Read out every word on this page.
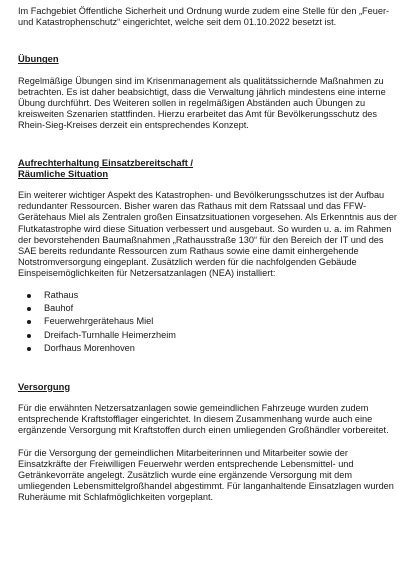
Im Fachgebiet Öffentliche Sicherheit und Ordnung wurde zudem eine Stelle für den „Feuer- und Katastrophenschutz“ eingerichtet, welche seit dem 01.10.2022 besetzt ist.

Übungen

Regelmäßige Übungen sind im Krisenmanagement als qualitätssichernde Maßnahmen zu betrachten. Es ist daher beabsichtigt, dass die Verwaltung jährlich mindestens eine interne Übung durchführt. Des Weiteren sollen in regelmäßigen Abständen auch Übungen zu kreisweiten Szenarien stattfinden. Hierzu erarbeitet das Amt für Bevölkerungsschutz des Rhein-Sieg-Kreises derzeit ein entsprechendes Konzept.

Aufrechterhaltung Einsatzbereitschaft /
Räumliche Situation

Ein weiterer wichtiger Aspekt des Katastrophen- und Bevölkerungsschutzes ist der Aufbau redundanter Ressourcen. Bisher waren das Rathaus mit dem Ratssaal und das FFW-Gerätehaus Miel als Zentralen großen Einsatzsituationen vorgesehen. Als Erkenntnis aus der Flutkatastrophe wird diese Situation verbessert und ausgebaut. So wurden u. a. im Rahmen der bevorstehenden Baumaßnahmen „Rathausstraße 130“ für den Bereich der IT und des SAE bereits redundante Ressourcen zum Rathaus sowie eine damit einhergehende Notstromversorgung eingeplant. Zusätzlich werden für die nachfolgenden Gebäude Einspeisemöglichkeiten für Netzersatzanlagen (NEA) installiert:

Rathaus
Bauhof
Feuerwehrgerätehaus Miel
Dreifach-Turnhalle Heimerzheim
Dorfhaus Morenhoven
Versorgung

Für die erwähnten Netzersatzanlagen sowie gemeindlichen Fahrzeuge wurden zudem entsprechende Kraftstofflager eingerichtet. In diesem Zusammenhang wurde auch eine ergänzende Versorgung mit Kraftstoffen durch einen umliegenden Großhändler vorbereitet.

Für die Versorgung der gemeindlichen Mitarbeiterinnen und Mitarbeiter sowie der Einsatzkräfte der Freiwilligen Feuerwehr werden entsprechende Lebensmittel- und Getränkevorräte angelegt. Zusätzlich wurde eine ergänzende Versorgung mit dem umliegenden Lebensmittelgroßhandel abgestimmt. Für langanhaltende Einsatzlagen wurden Ruheräume mit Schlafmöglichkeiten vorgeplant.
